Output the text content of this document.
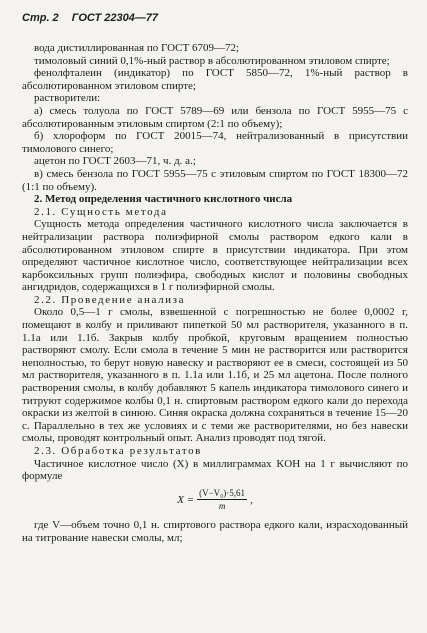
Стр. 2 ГОСТ 22304—77

вода дистиллированная по ГОСТ 6709—72;

тимоловый синий 0,1%-ный раствор в абсолютированном этиловом спирте;

фенолфталеин (индикатор) по ГОСТ 5850—72, 1%-ный раствор в абсолютированном этиловом спирте;

растворители:

а) смесь толуола по ГОСТ 5789—69 или бензола по ГОСТ 5955—75 с абсолютированным этиловым спиртом (2:1 по объему);

б) хлороформ по ГОСТ 20015—74, нейтрализованный в присутствии тимолового синего;

ацетон по ГОСТ 2603—71, ч. д. а.;

в) смесь бензола по ГОСТ 5955—75 с этиловым спиртом по ГОСТ 18300—72 (1:1 по объему).

2. Метод определения частичного кислотного числа

2.1. Сущность метода

Сущность метода определения частичного кислотного числа заключается в нейтрализации раствора полиэфирной смолы раствором едкого кали в абсолютированном этиловом спирте в присутствии индикатора. При этом определяют частичное кислотное число, соответствующее нейтрализации всех карбоксильных групп полиэфира, свободных кислот и половины свободных ангидридов, содержащихся в 1 г полиэфирной смолы.

2.2. Проведение анализа

Около 0,5—1 г смолы, взвешенной с погрешностью не более 0,0002 г, помещают в колбу и приливают пипеткой 50 мл растворителя, указанного в п. 1.1а или 1.1б. Закрыв колбу пробкой, круговым вращением полностью растворяют смолу. Если смола в течение 5 мин не растворится или растворится неполностью, то берут новую навеску и растворяют ее в смеси, состоящей из 50 мл растворителя, указанного в п. 1.1а или 1.1б, и 25 мл ацетона. После полного растворения смолы, в колбу добавляют 5 капель индикатора тимолового синего и титруют содержимое колбы 0,1 н. спиртовым раствором едкого кали до перехода окраски из желтой в синюю. Синяя окраска должна сохраняться в течение 15—20 с. Параллельно в тех же условиях и с теми же растворителями, но без навески смолы, проводят контрольный опыт. Анализ проводят под тягой.

2.3. Обработка результатов

Частичное кислотное число (X) в миллиграммах KOH на 1 г вычисляют по формуле

$X = \frac{\text{(V−V₀)·5,61}}{m}$ ,

где V—объем точно 0,1 н. спиртового раствора едкого кали, израсходованный на титрование навески смолы, мл;
